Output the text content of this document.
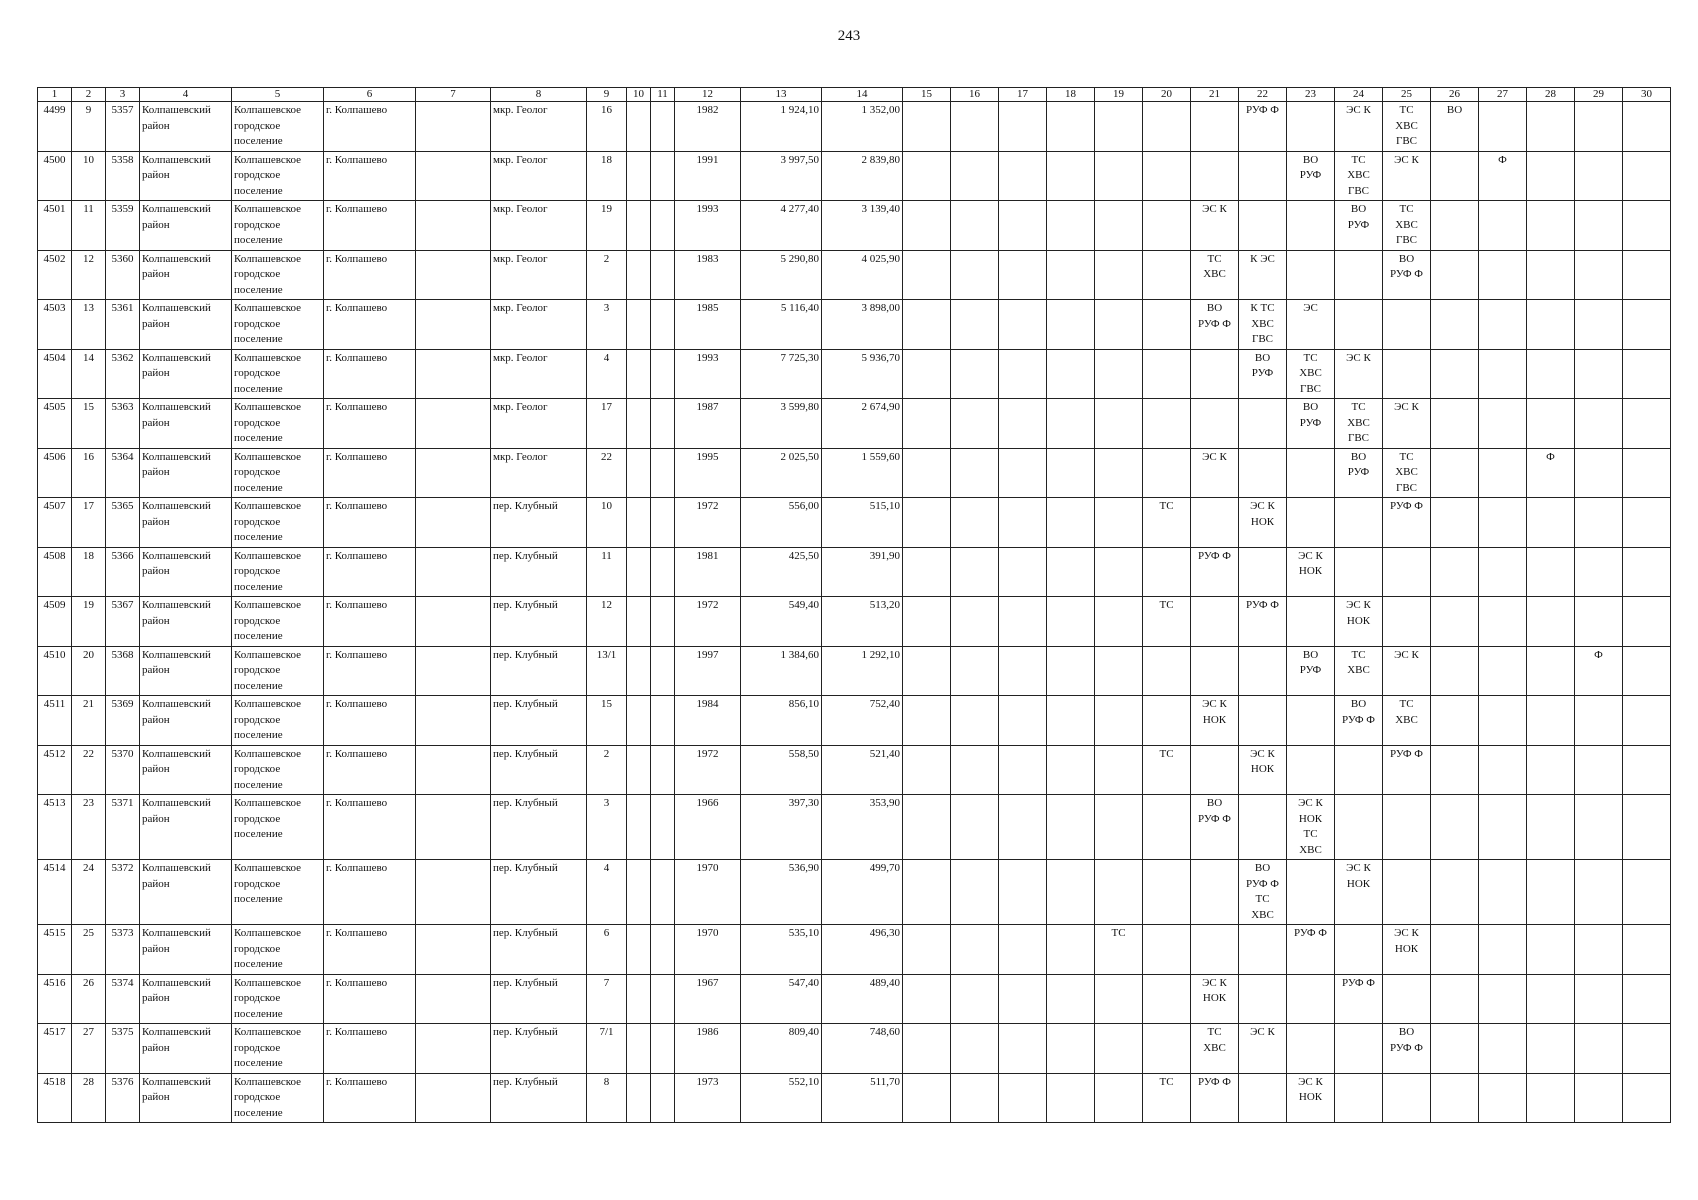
243
1	2	3	4	5	6	7	8	9	10	11	12	13	14	15	16	17	18	19	20	21	22	23	24	25	26	27	28	29	30
4499	9	5357	Колпашевский
район	Колпашевское
городское
поселение	г. Колпашево		мкр. Геолог	16			1982	1 924,10	1 352,00								РУФ Ф		ЭС К	ТС
ХВС
ГВС	ВО				
4500	10	5358	Колпашевский
район	Колпашевское
городское
поселение	г. Колпашево		мкр. Геолог	18			1991	3 997,50	2 839,80									ВО
РУФ	ТС
ХВС
ГВС	ЭС К		Ф			
4501	11	5359	Колпашевский
район	Колпашевское
городское
поселение	г. Колпашево		мкр. Геолог	19			1993	4 277,40	3 139,40							ЭС К			ВО
РУФ	ТС
ХВС
ГВС					
4502	12	5360	Колпашевский
район	Колпашевское
городское
поселение	г. Колпашево		мкр. Геолог	2			1983	5 290,80	4 025,90							ТС
ХВС	К ЭС			ВО
РУФ Ф					
4503	13	5361	Колпашевский
район	Колпашевское
городское
поселение	г. Колпашево		мкр. Геолог	3			1985	5 116,40	3 898,00							ВО
РУФ Ф	К ТС
ХВС
ГВС	ЭС							
4504	14	5362	Колпашевский
район	Колпашевское
городское
поселение	г. Колпашево		мкр. Геолог	4			1993	7 725,30	5 936,70								ВО
РУФ	ТС
ХВС
ГВС	ЭС К						
4505	15	5363	Колпашевский
район	Колпашевское
городское
поселение	г. Колпашево		мкр. Геолог	17			1987	3 599,80	2 674,90									ВО
РУФ	ТС
ХВС
ГВС	ЭС К					
4506	16	5364	Колпашевский
район	Колпашевское
городское
поселение	г. Колпашево		мкр. Геолог	22			1995	2 025,50	1 559,60							ЭС К			ВО
РУФ	ТС
ХВС
ГВС			Ф		
4507	17	5365	Колпашевский
район	Колпашевское
городское
поселение	г. Колпашево		пер. Клубный	10			1972	556,00	515,10						ТС		ЭС К
НОК			РУФ Ф					
4508	18	5366	Колпашевский
район	Колпашевское
городское
поселение	г. Колпашево		пер. Клубный	11			1981	425,50	391,90							РУФ Ф		ЭС К
НОК							
4509	19	5367	Колпашевский
район	Колпашевское
городское
поселение	г. Колпашево		пер. Клубный	12			1972	549,40	513,20						ТС		РУФ Ф		ЭС К
НОК						
4510	20	5368	Колпашевский
район	Колпашевское
городское
поселение	г. Колпашево		пер. Клубный	13/1			1997	1 384,60	1 292,10									ВО
РУФ	ТС
ХВС	ЭС К				Ф	
4511	21	5369	Колпашевский
район	Колпашевское
городское
поселение	г. Колпашево		пер. Клубный	15			1984	856,10	752,40							ЭС К
НОК			ВО
РУФ Ф	ТС
ХВС					
4512	22	5370	Колпашевский
район	Колпашевское
городское
поселение	г. Колпашево		пер. Клубный	2			1972	558,50	521,40						ТС		ЭС К
НОК			РУФ Ф					
4513	23	5371	Колпашевский
район	Колпашевское
городское
поселение	г. Колпашево		пер. Клубный	3			1966	397,30	353,90							ВО
РУФ Ф		ЭС К
НОК
ТС
ХВС							
4514	24	5372	Колпашевский
район	Колпашевское
городское
поселение	г. Колпашево		пер. Клубный	4			1970	536,90	499,70								ВО
РУФ Ф
ТС
ХВС		ЭС К
НОК						
4515	25	5373	Колпашевский
район	Колпашевское
городское
поселение	г. Колпашево		пер. Клубный	6			1970	535,10	496,30					ТС				РУФ Ф		ЭС К
НОК					
4516	26	5374	Колпашевский
район	Колпашевское
городское
поселение	г. Колпашево		пер. Клубный	7			1967	547,40	489,40							ЭС К
НОК			РУФ Ф						
4517	27	5375	Колпашевский
район	Колпашевское
городское
поселение	г. Колпашево		пер. Клубный	7/1			1986	809,40	748,60							ТС
ХВС	ЭС К			ВО
РУФ Ф					
4518	28	5376	Колпашевский
район	Колпашевское
городское
поселение	г. Колпашево		пер. Клубный	8			1973	552,10	511,70						ТС	РУФ Ф		ЭС К
НОК							
